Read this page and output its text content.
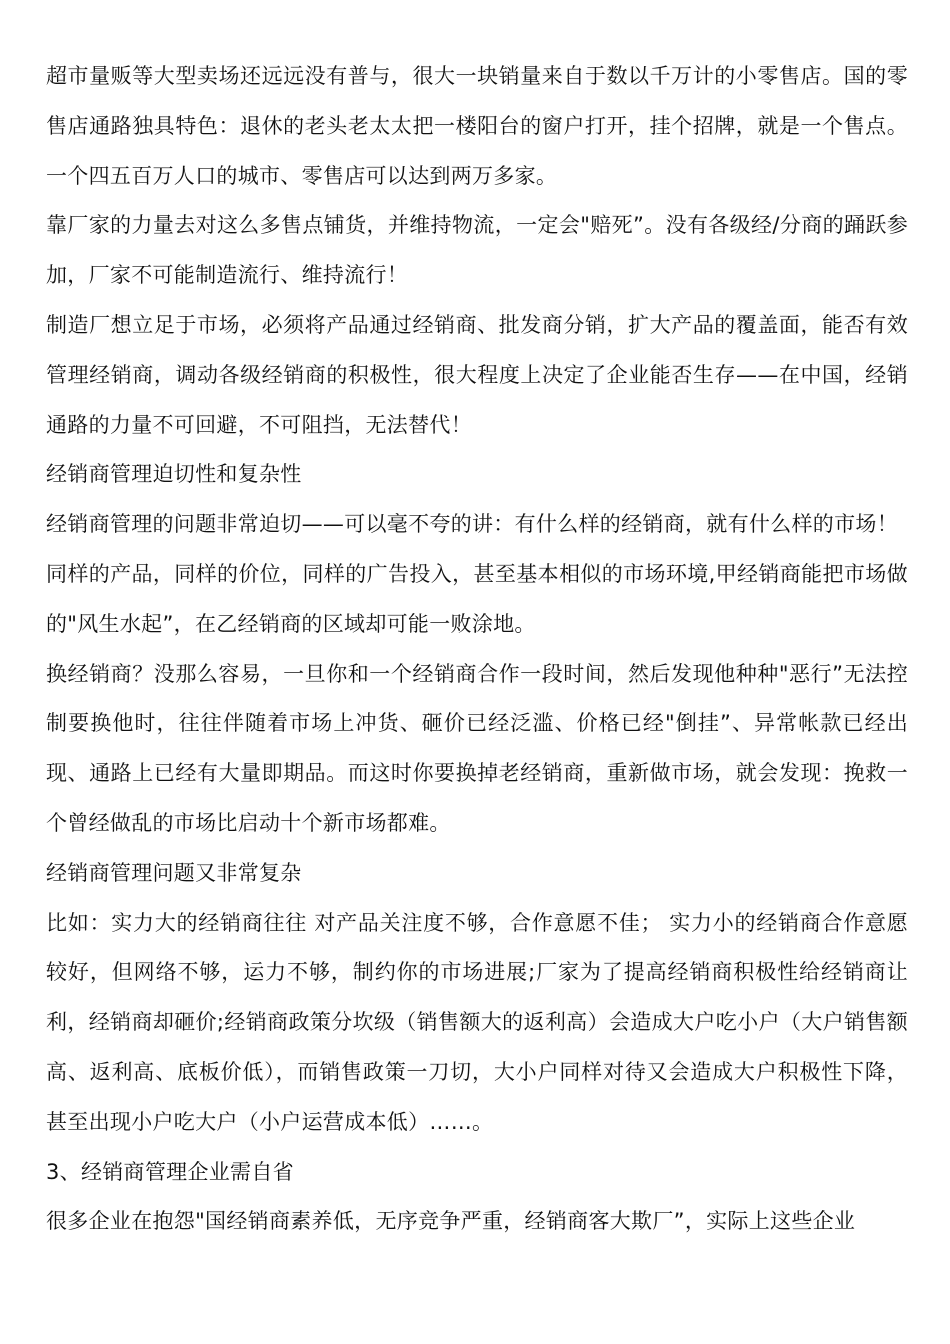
超市量贩等大型卖场还远远没有普与，很大一块销量来自于数以千万计的小零售店。国的零售店通路独具特色：退休的老头老太太把一楼阳台的窗户打开，挂个招牌，就是一个售点。一个四五百万人口的城市、零售店可以达到两万多家。

靠厂家的力量去对这么多售点铺货，并维持物流，一定会"赔死”。没有各级经/分商的踊跃参加，厂家不可能制造流行、维持流行！

制造厂想立足于市场，必须将产品通过经销商、批发商分销，扩大产品的覆盖面，能否有效管理经销商，调动各级经销商的积极性，很大程度上决定了企业能否生存——在中国，经销通路的力量不可回避，不可阻挡，无法替代！

经销商管理迫切性和复杂性

经销商管理的问题非常迫切——可以毫不夸的讲：有什么样的经销商，就有什么样的市场！

同样的产品，同样的价位，同样的广告投入，甚至基本相似的市场环境,甲经销商能把市场做的"风生水起”，在乙经销商的区域却可能一败涂地。

换经销商？没那么容易，一旦你和一个经销商合作一段时间，然后发现他种种"恶行”无法控制要换他时，往往伴随着市场上冲货、砸价已经泛滥、价格已经"倒挂”、异常帐款已经出现、通路上已经有大量即期品。而这时你要换掉老经销商，重新做市场，就会发现：挽救一个曾经做乱的市场比启动十个新市场都难。

经销商管理问题又非常复杂

比如：实力大的经销商往往 对产品关注度不够，合作意愿不佳； 实力小的经销商合作意愿较好，但网络不够，运力不够，制约你的市场进展;厂家为了提高经销商积极性给经销商让利，经销商却砸价;经销商政策分坎级（销售额大的返利高）会造成大户吃小户（大户销售额高、返利高、底板价低），而销售政策一刀切，大小户同样对待又会造成大户积极性下降，甚至出现小户吃大户（小户运营成本低）……。

3、经销商管理企业需自省

很多企业在抱怨"国经销商素养低，无序竞争严重，经销商客大欺厂”，实际上这些企业
